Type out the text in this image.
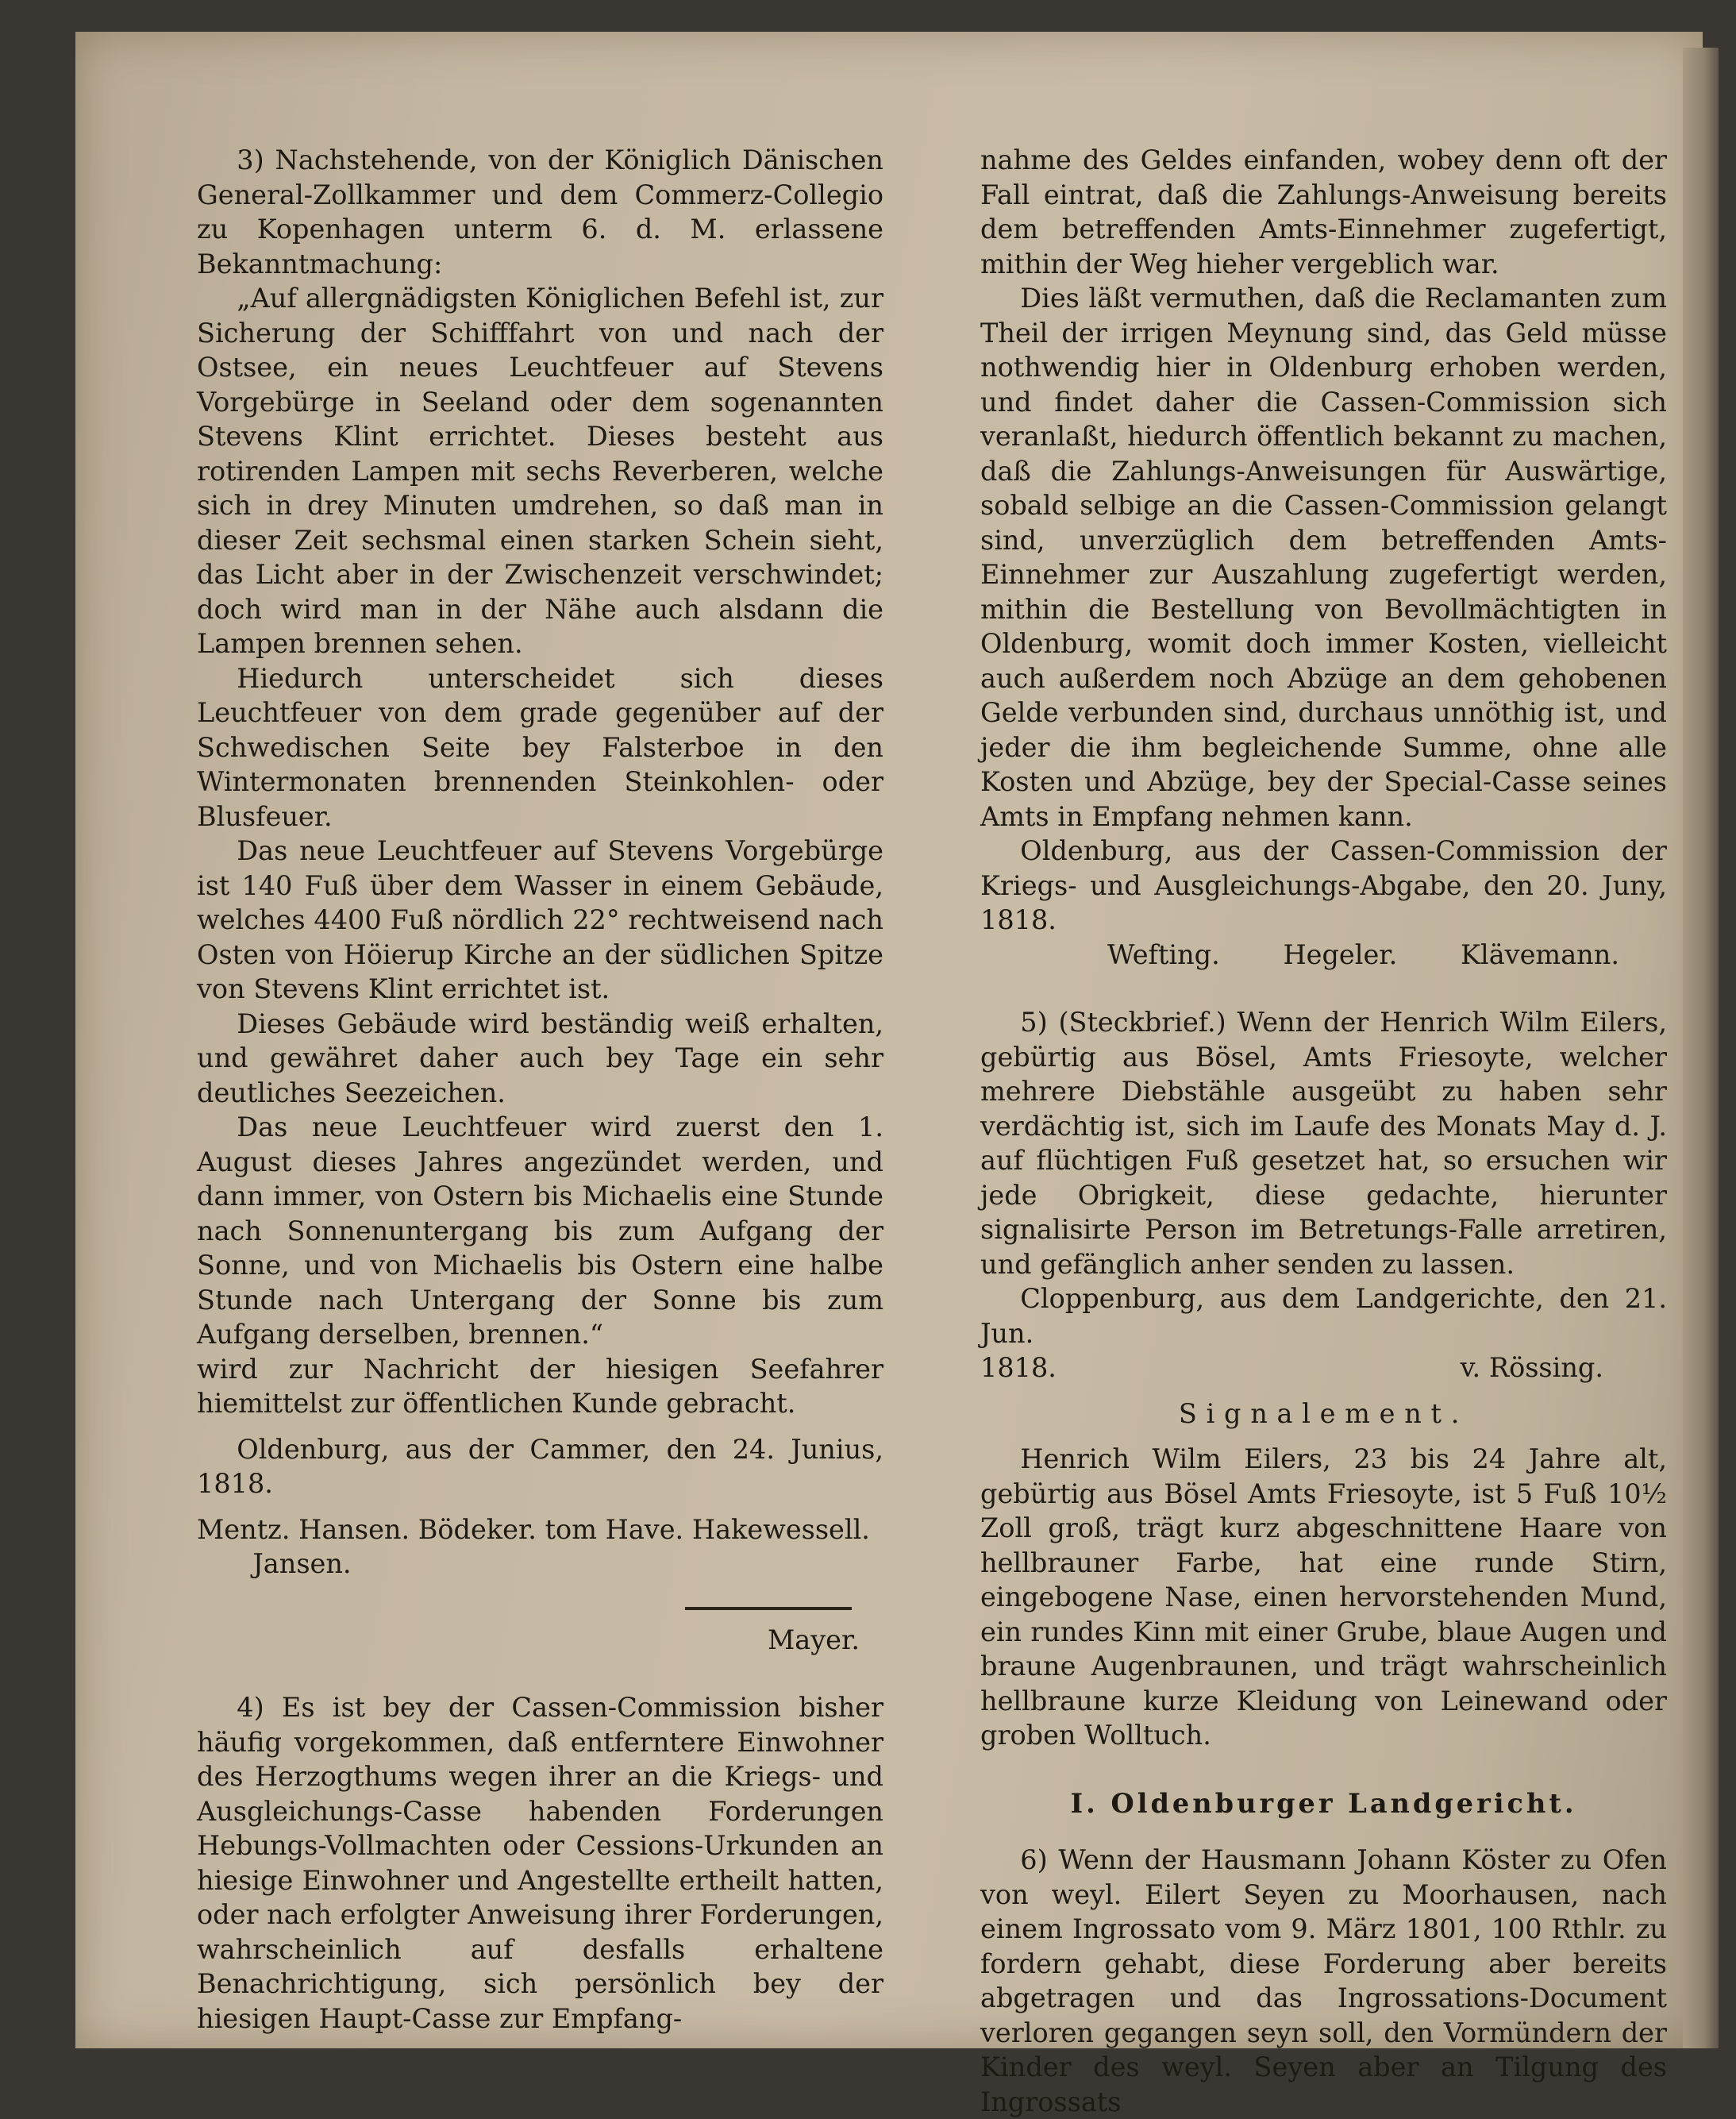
3) Nachstehende, von der Königlich Dänischen General-Zollkammer und dem Commerz-Collegio zu Kopenhagen unterm 6. d. M. erlassene Bekanntmachung:

„Auf allergnädigsten Königlichen Befehl ist, zur Sicherung der Schifffahrt von und nach der Ostsee, ein neues Leuchtfeuer auf Stevens Vorgebürge in Seeland oder dem sogenannten Stevens Klint errichtet. Dieses besteht aus rotirenden Lampen mit sechs Reverberen, welche sich in drey Minuten umdrehen, so daß man in dieser Zeit sechsmal einen starken Schein sieht, das Licht aber in der Zwischenzeit verschwindet; doch wird man in der Nähe auch alsdann die Lampen brennen sehen.

Hiedurch unterscheidet sich dieses Leuchtfeuer von dem grade gegenüber auf der Schwedischen Seite bey Falsterboe in den Wintermonaten brennenden Steinkohlen- oder Blusfeuer.

Das neue Leuchtfeuer auf Stevens Vorgebürge ist 140 Fuß über dem Wasser in einem Gebäude, welches 4400 Fuß nördlich 22° rechtweisend nach Osten von Höierup Kirche an der südlichen Spitze von Stevens Klint errichtet ist.

Dieses Gebäude wird beständig weiß erhalten, und gewähret daher auch bey Tage ein sehr deutliches Seezeichen.

Das neue Leuchtfeuer wird zuerst den 1. August dieses Jahres angezündet werden, und dann immer, von Ostern bis Michaelis eine Stunde nach Sonnenuntergang bis zum Aufgang der Sonne, und von Michaelis bis Ostern eine halbe Stunde nach Untergang der Sonne bis zum Aufgang derselben, brennen.“

wird zur Nachricht der hiesigen Seefahrer hiemittelst zur öffentlichen Kunde gebracht.

Oldenburg, aus der Cammer, den 24. Junius, 1818.

Mentz. Hansen. Bödeker. tom Have. Hakewessell.

Jansen.

Mayer.

4) Es ist bey der Cassen-Commission bisher häufig vorgekommen, daß entferntere Einwohner des Herzogthums wegen ihrer an die Kriegs- und Ausgleichungs-Casse habenden Forderungen Hebungs-Vollmachten oder Cessions-Urkunden an hiesige Einwohner und Angestellte ertheilt hatten, oder nach erfolgter Anweisung ihrer Forderungen, wahrscheinlich auf desfalls erhaltene Benachrichtigung, sich persönlich bey der hiesigen Haupt-Casse zur Empfang-

nahme des Geldes einfanden, wobey denn oft der Fall eintrat, daß die Zahlungs-Anweisung bereits dem betreffenden Amts-Einnehmer zugefertigt, mithin der Weg hieher vergeblich war.

Dies läßt vermuthen, daß die Reclamanten zum Theil der irrigen Meynung sind, das Geld müsse nothwendig hier in Oldenburg erhoben werden, und findet daher die Cassen-Commission sich veranlaßt, hiedurch öffentlich bekannt zu machen, daß die Zahlungs-Anweisungen für Auswärtige, sobald selbige an die Cassen-Commission gelangt sind, unverzüglich dem betreffenden Amts-Einnehmer zur Auszahlung zugefertigt werden, mithin die Bestellung von Bevollmächtigten in Oldenburg, womit doch immer Kosten, vielleicht auch außerdem noch Abzüge an dem gehobenen Gelde verbunden sind, durchaus unnöthig ist, und jeder die ihm begleichende Summe, ohne alle Kosten und Abzüge, bey der Special-Casse seines Amts in Empfang nehmen kann.

Oldenburg, aus der Cassen-Commission der Kriegs- und Ausgleichungs-Abgabe, den 20. Juny, 1818.

Wefting. Hegeler. Klävemann.

5) (Steckbrief.) Wenn der Henrich Wilm Eilers, gebürtig aus Bösel, Amts Friesoyte, welcher mehrere Diebstähle ausgeübt zu haben sehr verdächtig ist, sich im Laufe des Monats May d. J. auf flüchtigen Fuß gesetzet hat, so ersuchen wir jede Obrigkeit, diese gedachte, hierunter signalisirte Person im Betretungs-Falle arretiren, und gefänglich anher senden zu lassen.

Cloppenburg, aus dem Landgerichte, den 21. Jun.

1818.	v. Rössing.

Signalement.

Henrich Wilm Eilers, 23 bis 24 Jahre alt, gebürtig aus Bösel Amts Friesoyte, ist 5 Fuß 10½ Zoll groß, trägt kurz abgeschnittene Haare von hellbrauner Farbe, hat eine runde Stirn, eingebogene Nase, einen hervorstehenden Mund, ein rundes Kinn mit einer Grube, blaue Augen und braune Augenbraunen, und trägt wahrscheinlich hellbraune kurze Kleidung von Leinewand oder groben Wolltuch.

I. Oldenburger Landgericht.

6) Wenn der Hausmann Johann Köster zu Ofen von weyl. Eilert Seyen zu Moorhausen, nach einem Ingrossato vom 9. März 1801, 100 Rthlr. zu fordern gehabt, diese Forderung aber bereits abgetragen und das Ingrossations-Document verloren gegangen seyn soll, den Vormündern der Kinder des weyl. Seyen aber an Tilgung des Ingrossats
